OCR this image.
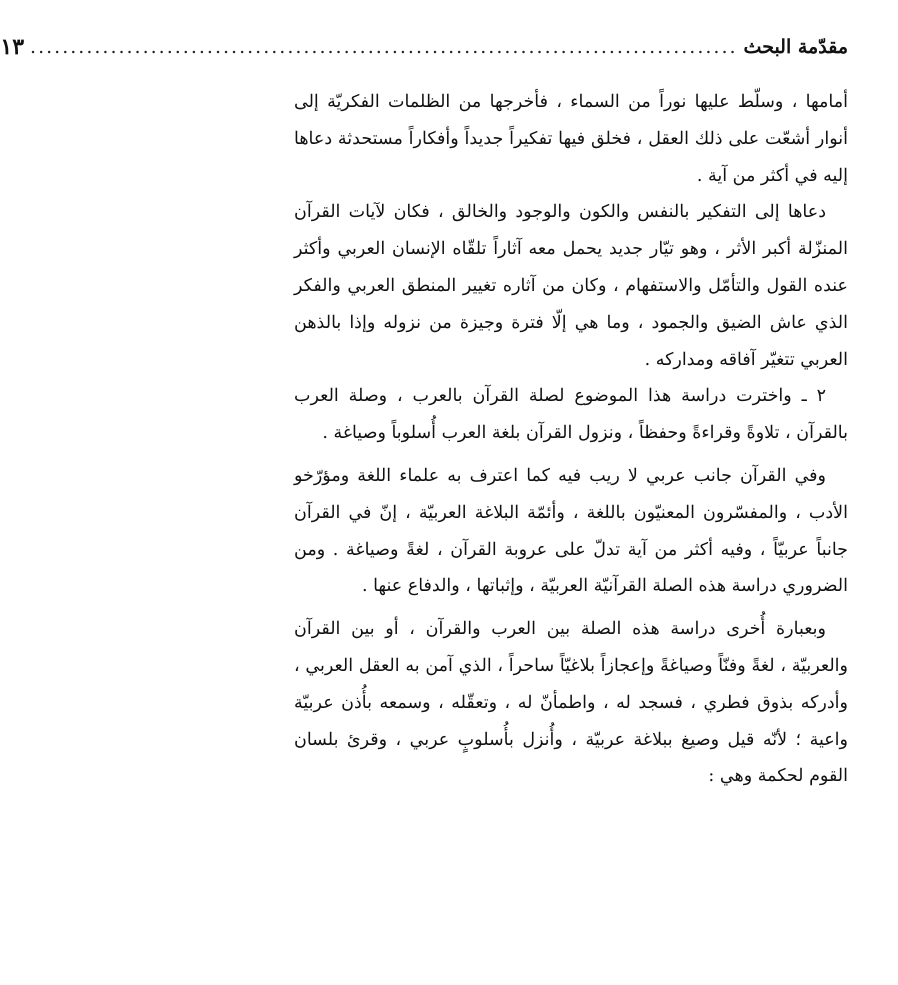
مقدّمة البحث
........................................................................................
١٣

أمامها ، وسلّط عليها نوراً من السماء ، فأخرجها من الظلمات الفكريّة إلى أنوار أشعّت على ذلك العقل ، فخلق فيها تفكيراً جديداً وأفكاراً مستحدثة دعاها إليه في أكثر من آية .

دعاها إلى التفكير بالنفس والكون والوجود والخالق ، فكان لآيات القرآن المنزّلة أكبر الأثر ، وهو تيّار جديد يحمل معه آثاراً تلقّاه الإنسان العربي وأكثر عنده القول والتأمّل والاستفهام ، وكان من آثاره تغيير المنطق العربي والفكر الذي عاش الضيق والجمود ، وما هي إلّا فترة وجيزة من نزوله وإذا بالذهن العربي تتغيّر آفاقه ومداركه .

٢ ـ واخترت دراسة هذا الموضوع لصلة القرآن بالعرب ، وصلة العرب بالقرآن ، تلاوةً وقراءةً وحفظاً ، ونزول القرآن بلغة العرب أُسلوباً وصياغة .

وفي القرآن جانب عربي لا ريب فيه كما اعترف به علماء اللغة ومؤرّخو الأدب ، والمفسّرون المعنيّون باللغة ، وأئمّة البلاغة العربيّة ، إنّ في القرآن جانباً عربيّاً ، وفيه أكثر من آية تدلّ على عروبة القرآن ، لغةً وصياغة . ومن الضروري دراسة هذه الصلة القرآنيّة العربيّة ، وإثباتها ، والدفاع عنها .

وبعبارة أُخرى دراسة هذه الصلة بين العرب والقرآن ، أو بين القرآن والعربيّة ، لغةً وفنّاً وصياغةً وإعجازاً بلاغيّاً ساحراً ، الذي آمن به العقل العربي ، وأدركه بذوق فطري ، فسجد له ، واطمأنّ له ، وتعقّله ، وسمعه بأُذن عربيّة واعية ؛ لأنّه قيل وصيغ ببلاغة عربيّة ، وأُنزل بأُسلوبٍ عربي ، وقرئ بلسان القوم لحكمة وهي :
